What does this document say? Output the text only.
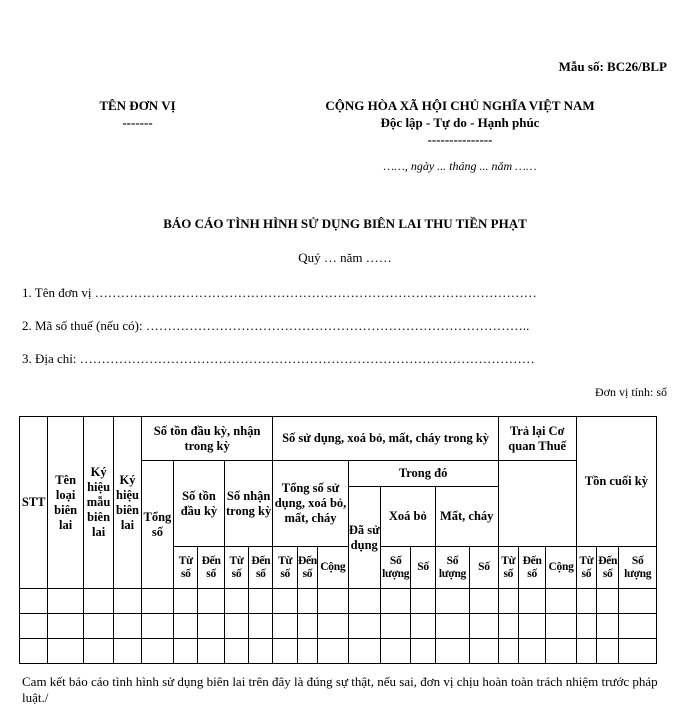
Mẫu số: BC26/BLP
TÊN ĐƠN VỊ
-------
CỘNG HÒA XÃ HỘI CHỦ NGHĨA VIỆT NAM
Độc lập - Tự do - Hạnh phúc
---------------
……, ngày ... tháng ... năm ……
BÁO CÁO TÌNH HÌNH SỬ DỤNG BIÊN LAI THU TIỀN PHẠT
Quý … năm ……
1. Tên đơn vị …………………………………………………………………………………………
2. Mã số thuế (nếu có): ……………………………………………………………………………..
3. Địa chỉ: ……………………………………………………………………………………………
Đơn vị tính: số
STT	Tên loại biên lai	Ký hiệu mẫu biên lai	Ký hiệu biên lai	Số tồn đầu kỳ, nhận trong kỳ					Số sử dụng, xoá bỏ, mất, cháy trong kỳ								Trả lại Cơ quan Thuế			Tồn cuối kỳ		
				Tổng số	Số tồn đầu kỳ		Số nhận trong kỳ		Tổng số sử dụng, xoá bỏ, mất, cháy			Trong đó										
												Đã sử dụng	Xoá bỏ		Mất, cháy							
					Từ số	Đến số	Từ số	Đến số	Từ số	Đến số	Cộng		Số lượng	Số	Số lượng	Số	Từ số	Đến số	Cộng	Từ số	Đến số	Số lượng

Cam kết báo cáo tình hình sử dụng biên lai trên đây là đúng sự thật, nếu sai, đơn vị chịu hoàn toàn trách nhiệm trước pháp luật./
